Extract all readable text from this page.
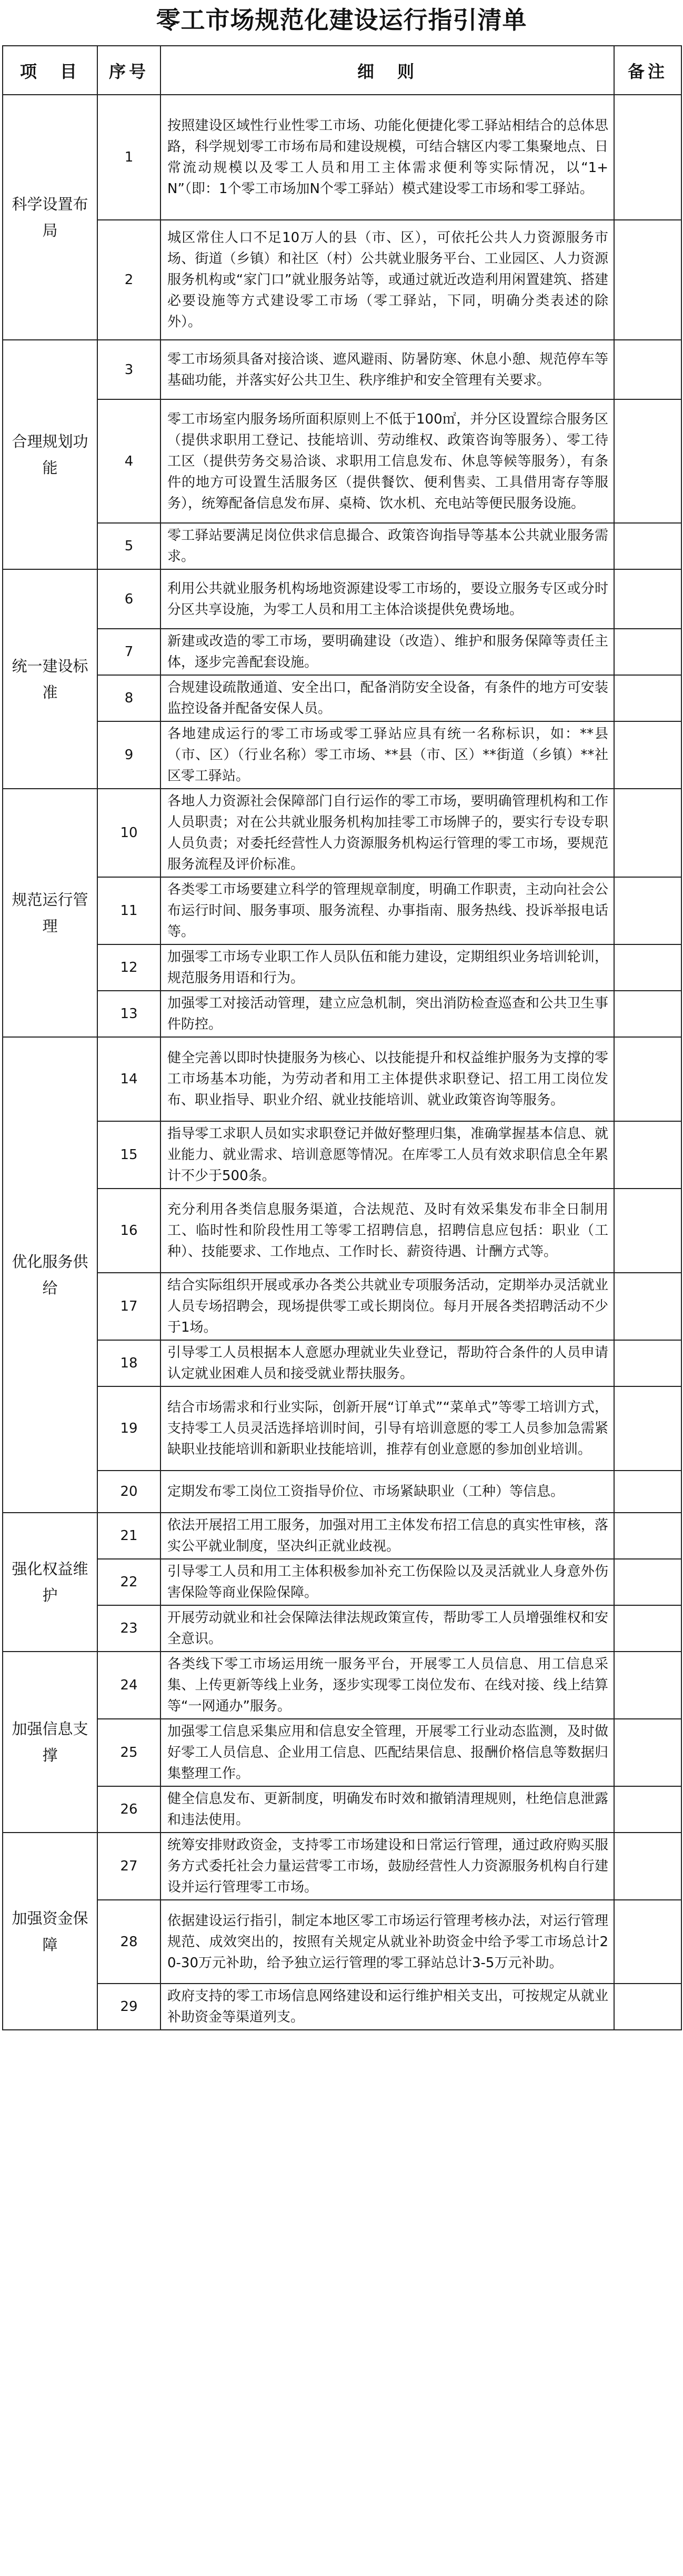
零工市场规范化建设运行指引清单
项　目	序号	细　则	备注
科学设置布局	1	按照建设区域性行业性零工市场、功能化便捷化零工驿站相结合的总体思路，科学规划零工市场布局和建设规模，可结合辖区内零工集聚地点、日常流动规模以及零工人员和用工主体需求便利等实际情况，以“1+N”（即：1个零工市场加N个零工驿站）模式建设零工市场和零工驿站。	
	2	城区常住人口不足10万人的县（市、区），可依托公共人力资源服务市场、街道（乡镇）和社区（村）公共就业服务平台、工业园区、人力资源服务机构或“家门口”就业服务站等，或通过就近改造利用闲置建筑、搭建必要设施等方式建设零工市场（零工驿站，下同，明确分类表述的除外）。	
合理规划功能	3	零工市场须具备对接洽谈、遮风避雨、防暑防寒、休息小憩、规范停车等基础功能，并落实好公共卫生、秩序维护和安全管理有关要求。	
	4	零工市场室内服务场所面积原则上不低于100㎡，并分区设置综合服务区（提供求职用工登记、技能培训、劳动维权、政策咨询等服务）、零工待工区（提供劳务交易洽谈、求职用工信息发布、休息等候等服务），有条件的地方可设置生活服务区（提供餐饮、便利售卖、工具借用寄存等服务），统筹配备信息发布屏、桌椅、饮水机、充电站等便民服务设施。	
	5	零工驿站要满足岗位供求信息撮合、政策咨询指导等基本公共就业服务需求。	
统一建设标准	6	利用公共就业服务机构场地资源建设零工市场的，要设立服务专区或分时分区共享设施，为零工人员和用工主体洽谈提供免费场地。	
	7	新建或改造的零工市场，要明确建设（改造）、维护和服务保障等责任主体，逐步完善配套设施。	
	8	合规建设疏散通道、安全出口，配备消防安全设备，有条件的地方可安装监控设备并配备安保人员。	
	9	各地建成运行的零工市场或零工驿站应具有统一名称标识，如：**县（市、区）（行业名称）零工市场、**县（市、区）**街道（乡镇）**社区零工驿站。	
规范运行管理	10	各地人力资源社会保障部门自行运作的零工市场，要明确管理机构和工作人员职责；对在公共就业服务机构加挂零工市场牌子的，要实行专设专职人员负责；对委托经营性人力资源服务机构运行管理的零工市场，要规范服务流程及评价标准。	
	11	各类零工市场要建立科学的管理规章制度，明确工作职责，主动向社会公布运行时间、服务事项、服务流程、办事指南、服务热线、投诉举报电话等。	
	12	加强零工市场专业职工作人员队伍和能力建设，定期组织业务培训轮训，规范服务用语和行为。	
	13	加强零工对接活动管理，建立应急机制，突出消防检查巡查和公共卫生事件防控。	
优化服务供给	14	健全完善以即时快捷服务为核心、以技能提升和权益维护服务为支撑的零工市场基本功能，为劳动者和用工主体提供求职登记、招工用工岗位发布、职业指导、职业介绍、就业技能培训、就业政策咨询等服务。	
	15	指导零工求职人员如实求职登记并做好整理归集，准确掌握基本信息、就业能力、就业需求、培训意愿等情况。在库零工人员有效求职信息全年累计不少于500条。	
	16	充分利用各类信息服务渠道，合法规范、及时有效采集发布非全日制用工、临时性和阶段性用工等零工招聘信息，招聘信息应包括：职业（工种）、技能要求、工作地点、工作时长、薪资待遇、计酬方式等。	
	17	结合实际组织开展或承办各类公共就业专项服务活动，定期举办灵活就业人员专场招聘会，现场提供零工或长期岗位。每月开展各类招聘活动不少于1场。	
	18	引导零工人员根据本人意愿办理就业失业登记，帮助符合条件的人员申请认定就业困难人员和接受就业帮扶服务。	
	19	结合市场需求和行业实际，创新开展“订单式”“菜单式”等零工培训方式，支持零工人员灵活选择培训时间，引导有培训意愿的零工人员参加急需紧缺职业技能培训和新职业技能培训，推荐有创业意愿的参加创业培训。	
	20	定期发布零工岗位工资指导价位、市场紧缺职业（工种）等信息。	
强化权益维护	21	依法开展招工用工服务，加强对用工主体发布招工信息的真实性审核，落实公平就业制度，坚决纠正就业歧视。	
	22	引导零工人员和用工主体积极参加补充工伤保险以及灵活就业人身意外伤害保险等商业保险保障。	
	23	开展劳动就业和社会保障法律法规政策宣传，帮助零工人员增强维权和安全意识。	
加强信息支撑	24	各类线下零工市场运用统一服务平台，开展零工人员信息、用工信息采集、上传更新等线上业务，逐步实现零工岗位发布、在线对接、线上结算等“一网通办”服务。	
	25	加强零工信息采集应用和信息安全管理，开展零工行业动态监测，及时做好零工人员信息、企业用工信息、匹配结果信息、报酬价格信息等数据归集整理工作。	
	26	健全信息发布、更新制度，明确发布时效和撤销清理规则，杜绝信息泄露和违法使用。	
加强资金保障	27	统筹安排财政资金，支持零工市场建设和日常运行管理，通过政府购买服务方式委托社会力量运营零工市场，鼓励经营性人力资源服务机构自行建设并运行管理零工市场。	
	28	依据建设运行指引，制定本地区零工市场运行管理考核办法，对运行管理规范、成效突出的，按照有关规定从就业补助资金中给予零工市场总计20-30万元补助，给予独立运行管理的零工驿站总计3-5万元补助。	
	29	政府支持的零工市场信息网络建设和运行维护相关支出，可按规定从就业补助资金等渠道列支。	
